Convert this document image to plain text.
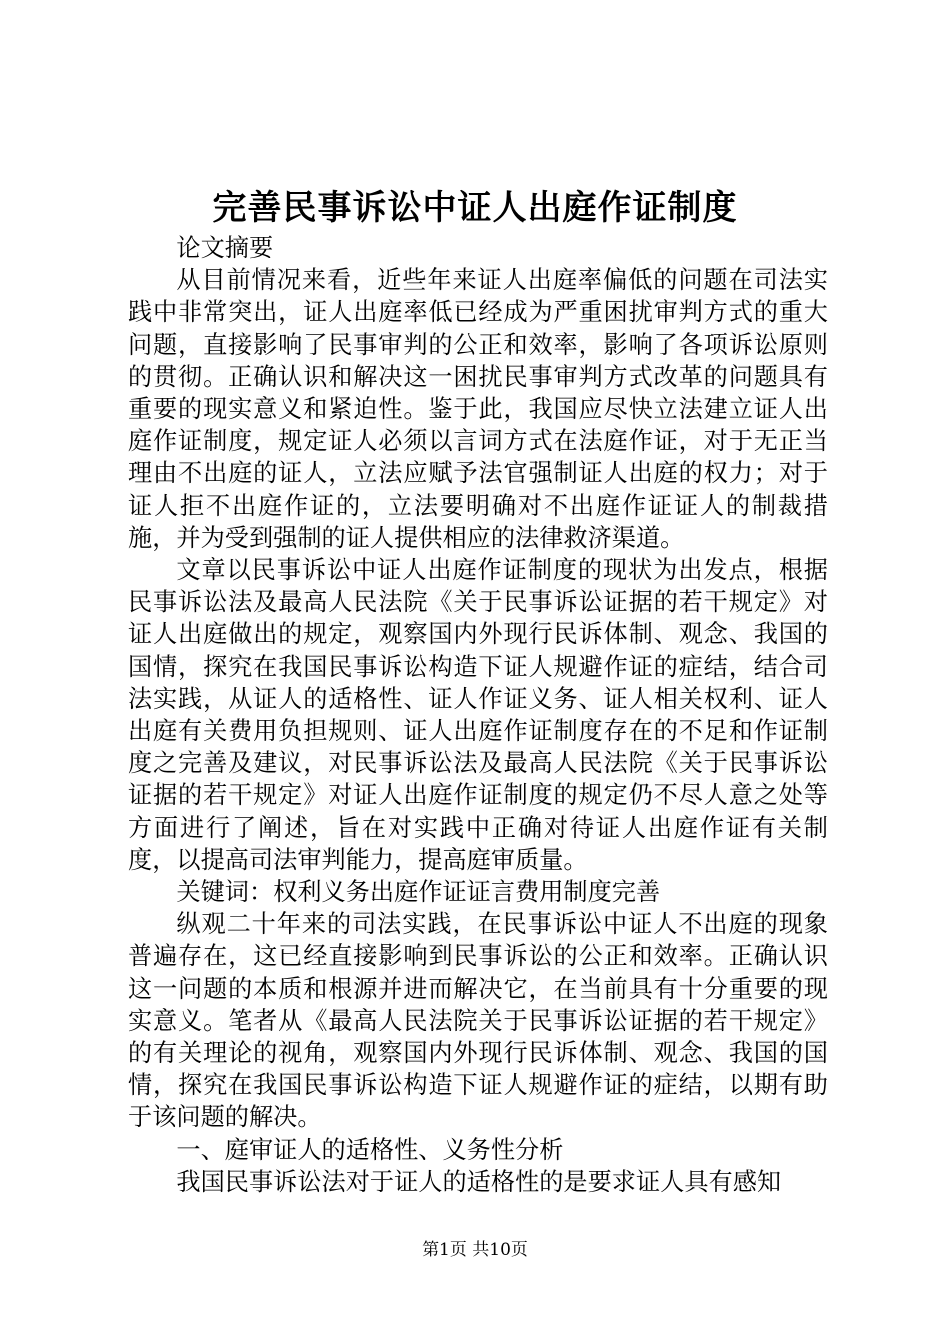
完善民事诉讼中证人出庭作证制度

论文摘要

从目前情况来看，近些年来证人出庭率偏低的问题在司法实践中非常突出，证人出庭率低已经成为严重困扰审判方式的重大问题，直接影响了民事审判的公正和效率，影响了各项诉讼原则的贯彻。正确认识和解决这一困扰民事审判方式改革的问题具有重要的现实意义和紧迫性。鉴于此，我国应尽快立法建立证人出庭作证制度，规定证人必须以言词方式在法庭作证，对于无正当理由不出庭的证人，立法应赋予法官强制证人出庭的权力；对于证人拒不出庭作证的，立法要明确对不出庭作证证人的制裁措施，并为受到强制的证人提供相应的法律救济渠道。

文章以民事诉讼中证人出庭作证制度的现状为出发点，根据民事诉讼法及最高人民法院《关于民事诉讼证据的若干规定》对证人出庭做出的规定，观察国内外现行民诉体制、观念、我国的国情，探究在我国民事诉讼构造下证人规避作证的症结，结合司法实践，从证人的适格性、证人作证义务、证人相关权利、证人出庭有关费用负担规则、证人出庭作证制度存在的不足和作证制度之完善及建议，对民事诉讼法及最高人民法院《关于民事诉讼证据的若干规定》对证人出庭作证制度的规定仍不尽人意之处等方面进行了阐述，旨在对实践中正确对待证人出庭作证有关制度，以提高司法审判能力，提高庭审质量。

关键词：权利义务出庭作证证言费用制度完善

纵观二十年来的司法实践，在民事诉讼中证人不出庭的现象普遍存在，这已经直接影响到民事诉讼的公正和效率。正确认识这一问题的本质和根源并进而解决它，在当前具有十分重要的现实意义。笔者从《最高人民法院关于民事诉讼证据的若干规定》的有关理论的视角，观察国内外现行民诉体制、观念、我国的国情，探究在我国民事诉讼构造下证人规避作证的症结，以期有助于该问题的解决。

一、庭审证人的适格性、义务性分析

我国民事诉讼法对于证人的适格性的是要求证人具有感知

第1页 共10页
